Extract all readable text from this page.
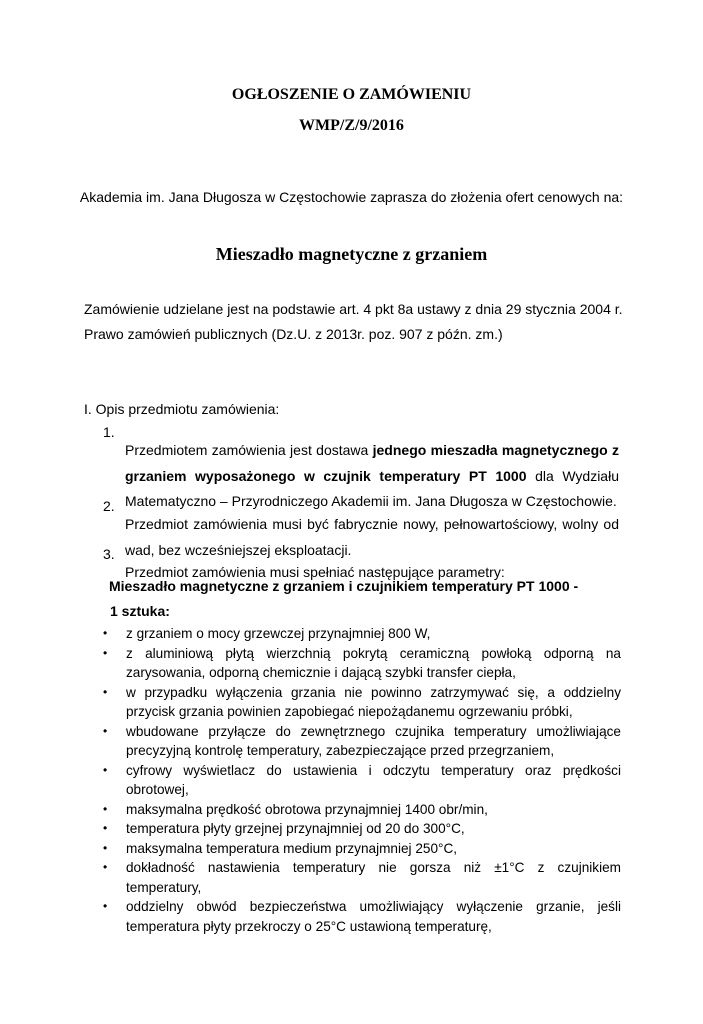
OGŁOSZENIE O ZAMÓWIENIU

WMP/Z/9/2016

Akademia im. Jana Długosza w Częstochowie zaprasza do złożenia ofert cenowych na:

Mieszadło magnetyczne z grzaniem

Zamówienie udzielane jest na podstawie art. 4 pkt 8a ustawy z dnia 29 stycznia 2004 r. Prawo zamówień publicznych (Dz.U. z 2013r. poz. 907 z późn. zm.)

I. Opis przedmiotu zamówienia:

1.

Przedmiotem zamówienia jest dostawa jednego mieszadła magnetycznego z grzaniem wyposażonego w czujnik temperatury PT 1000 dla Wydziału Matematyczno – Przyrodniczego Akademii im. Jana Długosza w Częstochowie.

2.

Przedmiot zamówienia musi być fabrycznie nowy, pełnowartościowy, wolny od wad, bez wcześniejszej eksploatacji.

3.

Przedmiot zamówienia musi spełniać następujące parametry:

Mieszadło magnetyczne z grzaniem i czujnikiem temperatury PT 1000 -
1 sztuka:

• z grzaniem o mocy grzewczej przynajmniej 800 W,

• z aluminiową płytą wierzchnią pokrytą ceramiczną powłoką odporną na zarysowania, odporną chemicznie i dającą szybki transfer ciepła,

• w przypadku wyłączenia grzania nie powinno zatrzymywać się, a oddzielny przycisk grzania powinien zapobiegać niepożądanemu ogrzewaniu próbki,

• wbudowane przyłącze do zewnętrznego czujnika temperatury umożliwiające precyzyjną kontrolę temperatury, zabezpieczające przed przegrzaniem,

• cyfrowy wyświetlacz do ustawienia i odczytu temperatury oraz prędkości obrotowej,

• maksymalna prędkość obrotowa przynajmniej 1400 obr/min,

• temperatura płyty grzejnej przynajmniej od 20 do 300°C,

• maksymalna temperatura medium przynajmniej 250°C,

• dokładność nastawienia temperatury nie gorsza niż ±1°C z czujnikiem temperatury,

• oddzielny obwód bezpieczeństwa umożliwiający wyłączenie grzanie, jeśli temperatura płyty przekroczy o 25°C ustawioną temperaturę,
